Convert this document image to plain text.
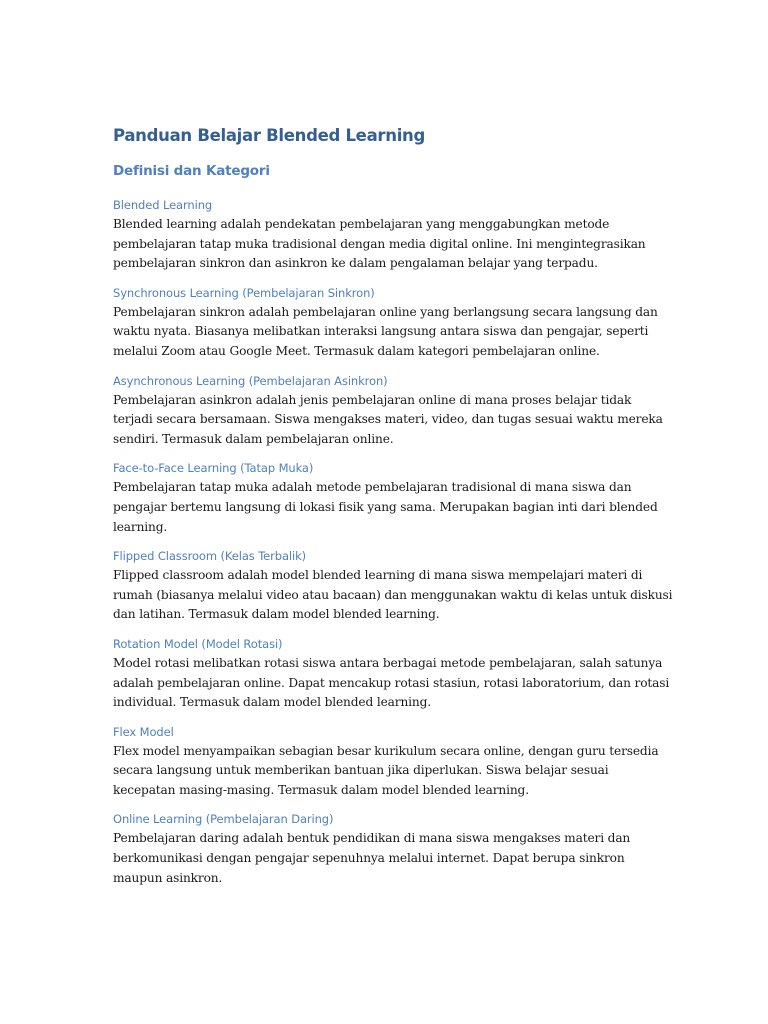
Panduan Belajar Blended Learning
Definisi dan Kategori
Blended Learning

Blended learning adalah pendekatan pembelajaran yang menggabungkan metode pembelajaran tatap muka tradisional dengan media digital online. Ini mengintegrasikan pembelajaran sinkron dan asinkron ke dalam pengalaman belajar yang terpadu.

Synchronous Learning (Pembelajaran Sinkron)

Pembelajaran sinkron adalah pembelajaran online yang berlangsung secara langsung dan waktu nyata. Biasanya melibatkan interaksi langsung antara siswa dan pengajar, seperti melalui Zoom atau Google Meet. Termasuk dalam kategori pembelajaran online.

Asynchronous Learning (Pembelajaran Asinkron)

Pembelajaran asinkron adalah jenis pembelajaran online di mana proses belajar tidak terjadi secara bersamaan. Siswa mengakses materi, video, dan tugas sesuai waktu mereka sendiri. Termasuk dalam pembelajaran online.

Face-to-Face Learning (Tatap Muka)

Pembelajaran tatap muka adalah metode pembelajaran tradisional di mana siswa dan pengajar bertemu langsung di lokasi fisik yang sama. Merupakan bagian inti dari blended learning.

Flipped Classroom (Kelas Terbalik)

Flipped classroom adalah model blended learning di mana siswa mempelajari materi di rumah (biasanya melalui video atau bacaan) dan menggunakan waktu di kelas untuk diskusi dan latihan. Termasuk dalam model blended learning.

Rotation Model (Model Rotasi)

Model rotasi melibatkan rotasi siswa antara berbagai metode pembelajaran, salah satunya adalah pembelajaran online. Dapat mencakup rotasi stasiun, rotasi laboratorium, dan rotasi individual. Termasuk dalam model blended learning.

Flex Model

Flex model menyampaikan sebagian besar kurikulum secara online, dengan guru tersedia secara langsung untuk memberikan bantuan jika diperlukan. Siswa belajar sesuai kecepatan masing-masing. Termasuk dalam model blended learning.

Online Learning (Pembelajaran Daring)

Pembelajaran daring adalah bentuk pendidikan di mana siswa mengakses materi dan berkomunikasi dengan pengajar sepenuhnya melalui internet. Dapat berupa sinkron maupun asinkron.
